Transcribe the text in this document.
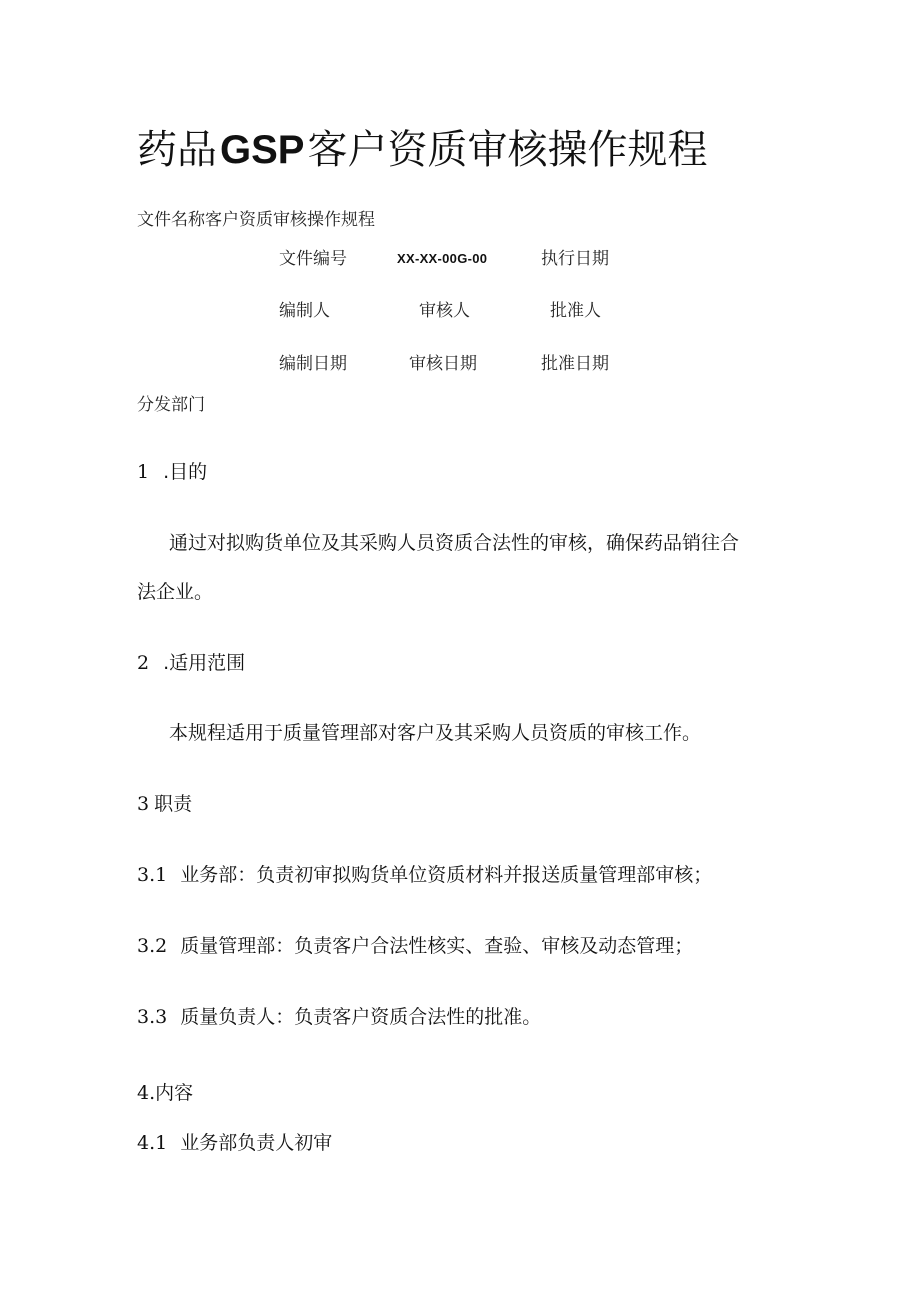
药品GSP客户资质审核操作规程
文件名称客户资质审核操作规程
文件编号	XX-XX-00G-00	执行日期
编制人	审核人	批准人
编制日期	审核日期	批准日期
分发部门
1 .目的
通过对拟购货单位及其采购人员资质合法性的审核，确保药品销往合
法企业。
2 .适用范围
本规程适用于质量管理部对客户及其采购人员资质的审核工作。
3 职责
3.1 业务部：负责初审拟购货单位资质材料并报送质量管理部审核；
3.2 质量管理部：负责客户合法性核实、查验、审核及动态管理；
3.3 质量负责人：负责客户资质合法性的批准。
4.内容
4.1 业务部负责人初审
